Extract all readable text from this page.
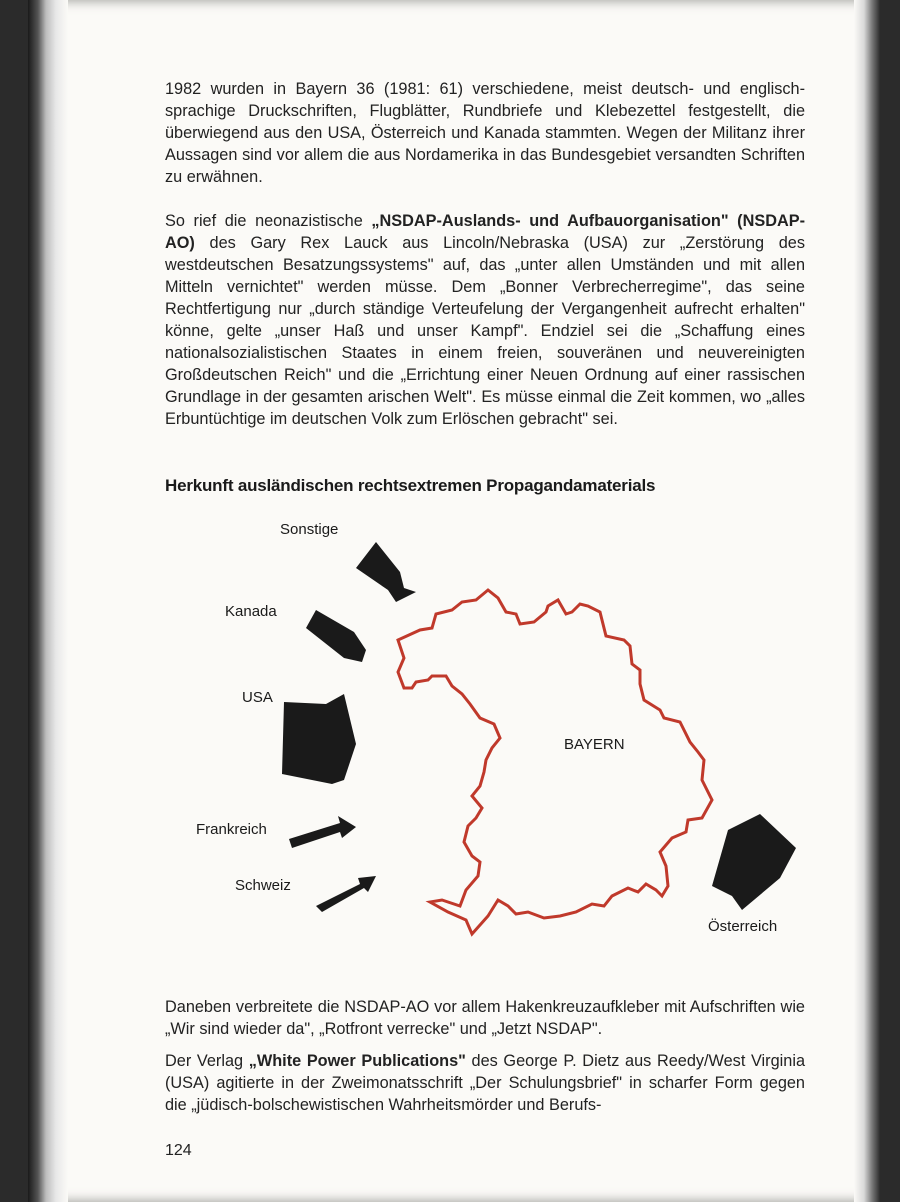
1982 wurden in Bayern 36 (1981: 61) verschiedene, meist deutsch- und englisch-sprachige Druckschriften, Flugblätter, Rundbriefe und Klebezettel festgestellt, die überwiegend aus den USA, Österreich und Kanada stammten. Wegen der Militanz ihrer Aussagen sind vor allem die aus Nordamerika in das Bundesgebiet versandten Schriften zu erwähnen.

So rief die neonazistische „NSDAP-Auslands- und Aufbauorganisation" (NSDAP-AO) des Gary Rex Lauck aus Lincoln/Nebraska (USA) zur „Zerstörung des westdeutschen Besatzungssystems" auf, das „unter allen Umständen und mit allen Mitteln vernichtet" werden müsse. Dem „Bonner Verbrecherregime", das seine Rechtfertigung nur „durch ständige Verteufelung der Vergangenheit aufrecht erhalten" könne, gelte „unser Haß und unser Kampf". Endziel sei die „Schaffung eines nationalsozialistischen Staates in einem freien, souveränen und neuvereinigten Großdeutschen Reich" und die „Errichtung einer Neuen Ordnung auf einer rassischen Grundlage in der gesamten arischen Welt". Es müsse einmal die Zeit kommen, wo „alles Erbuntüchtige im deutschen Volk zum Erlöschen gebracht" sei.

Herkunft ausländischen rechtsextremen Propagandamaterials
Sonstige
Kanada
USA
BAYERN
Frankreich
Schweiz
Österreich

Daneben verbreitete die NSDAP-AO vor allem Hakenkreuzaufkleber mit Aufschriften wie „Wir sind wieder da", „Rotfront verrecke" und „Jetzt NSDAP".

Der Verlag „White Power Publications" des George P. Dietz aus Reedy/West Virginia (USA) agitierte in der Zweimonatsschrift „Der Schulungsbrief" in scharfer Form gegen die „jüdisch-bolschewistischen Wahrheitsmörder und Berufs-

124
